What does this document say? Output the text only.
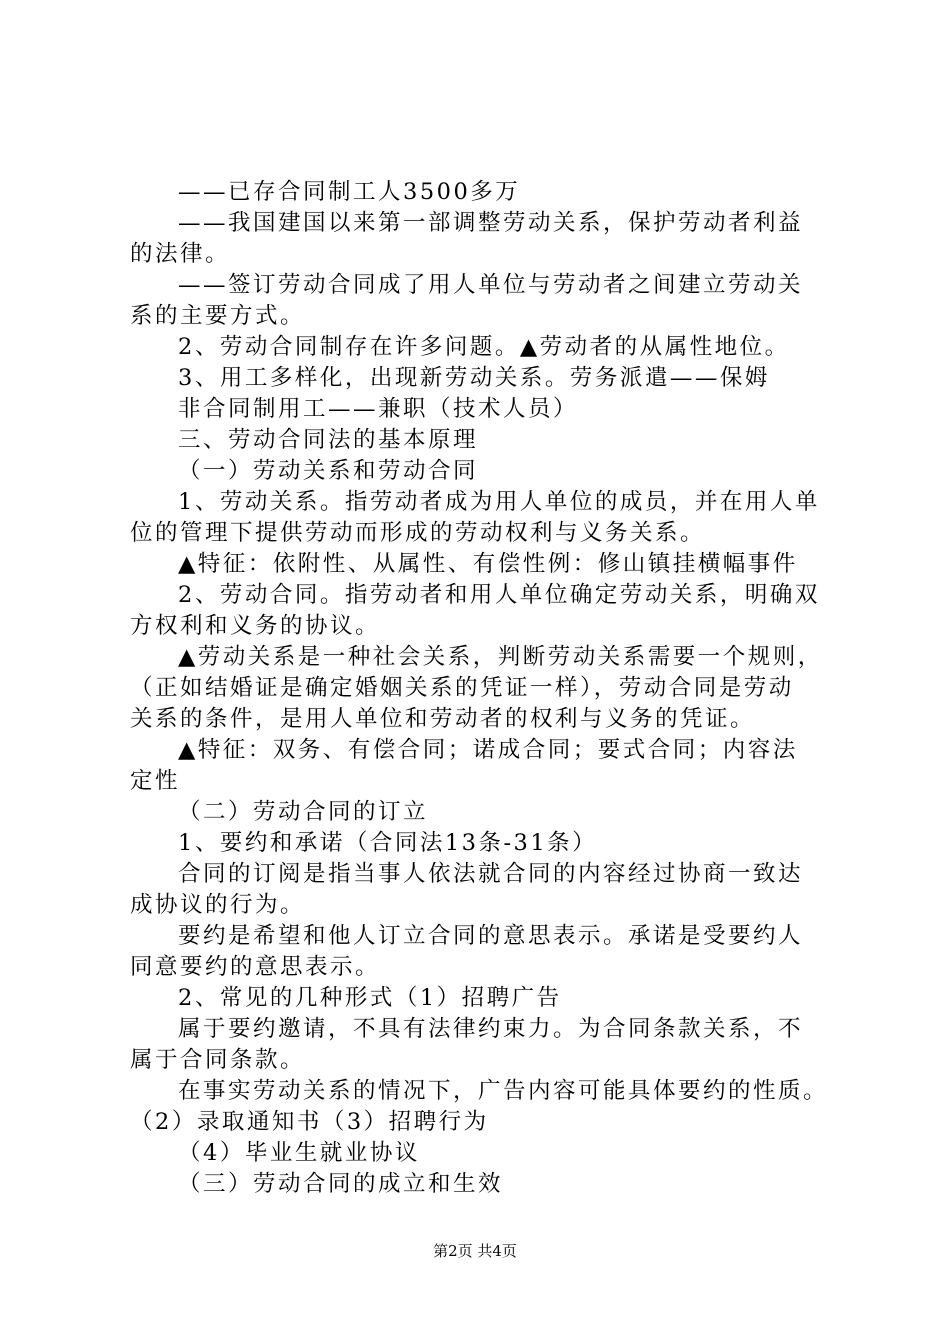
——已存合同制工人3500多万
——我国建国以来第一部调整劳动关系，保护劳动者利益
的法律。
——签订劳动合同成了用人单位与劳动者之间建立劳动关
系的主要方式。
2、劳动合同制存在许多问题。▲劳动者的从属性地位。
3、用工多样化，出现新劳动关系。劳务派遣——保姆
非合同制用工——兼职（技术人员）
三、劳动合同法的基本原理
（一）劳动关系和劳动合同
1、劳动关系。指劳动者成为用人单位的成员，并在用人单
位的管理下提供劳动而形成的劳动权利与义务关系。
▲特征：依附性、从属性、有偿性例：修山镇挂横幅事件
2、劳动合同。指劳动者和用人单位确定劳动关系，明确双
方权利和义务的协议。
▲劳动关系是一种社会关系，判断劳动关系需要一个规则，
（正如结婚证是确定婚姻关系的凭证一样），劳动合同是劳动
关系的条件，是用人单位和劳动者的权利与义务的凭证。
▲特征：双务、有偿合同；诺成合同；要式合同；内容法
定性
（二）劳动合同的订立
1、要约和承诺（合同法13条-31条）
合同的订阅是指当事人依法就合同的内容经过协商一致达
成协议的行为。
要约是希望和他人订立合同的意思表示。承诺是受要约人
同意要约的意思表示。
2、常见的几种形式（1）招聘广告
属于要约邀请，不具有法律约束力。为合同条款关系，不
属于合同条款。
在事实劳动关系的情况下，广告内容可能具体要约的性质。
（2）录取通知书（3）招聘行为
（4）毕业生就业协议
（三）劳动合同的成立和生效
第2页 共4页
